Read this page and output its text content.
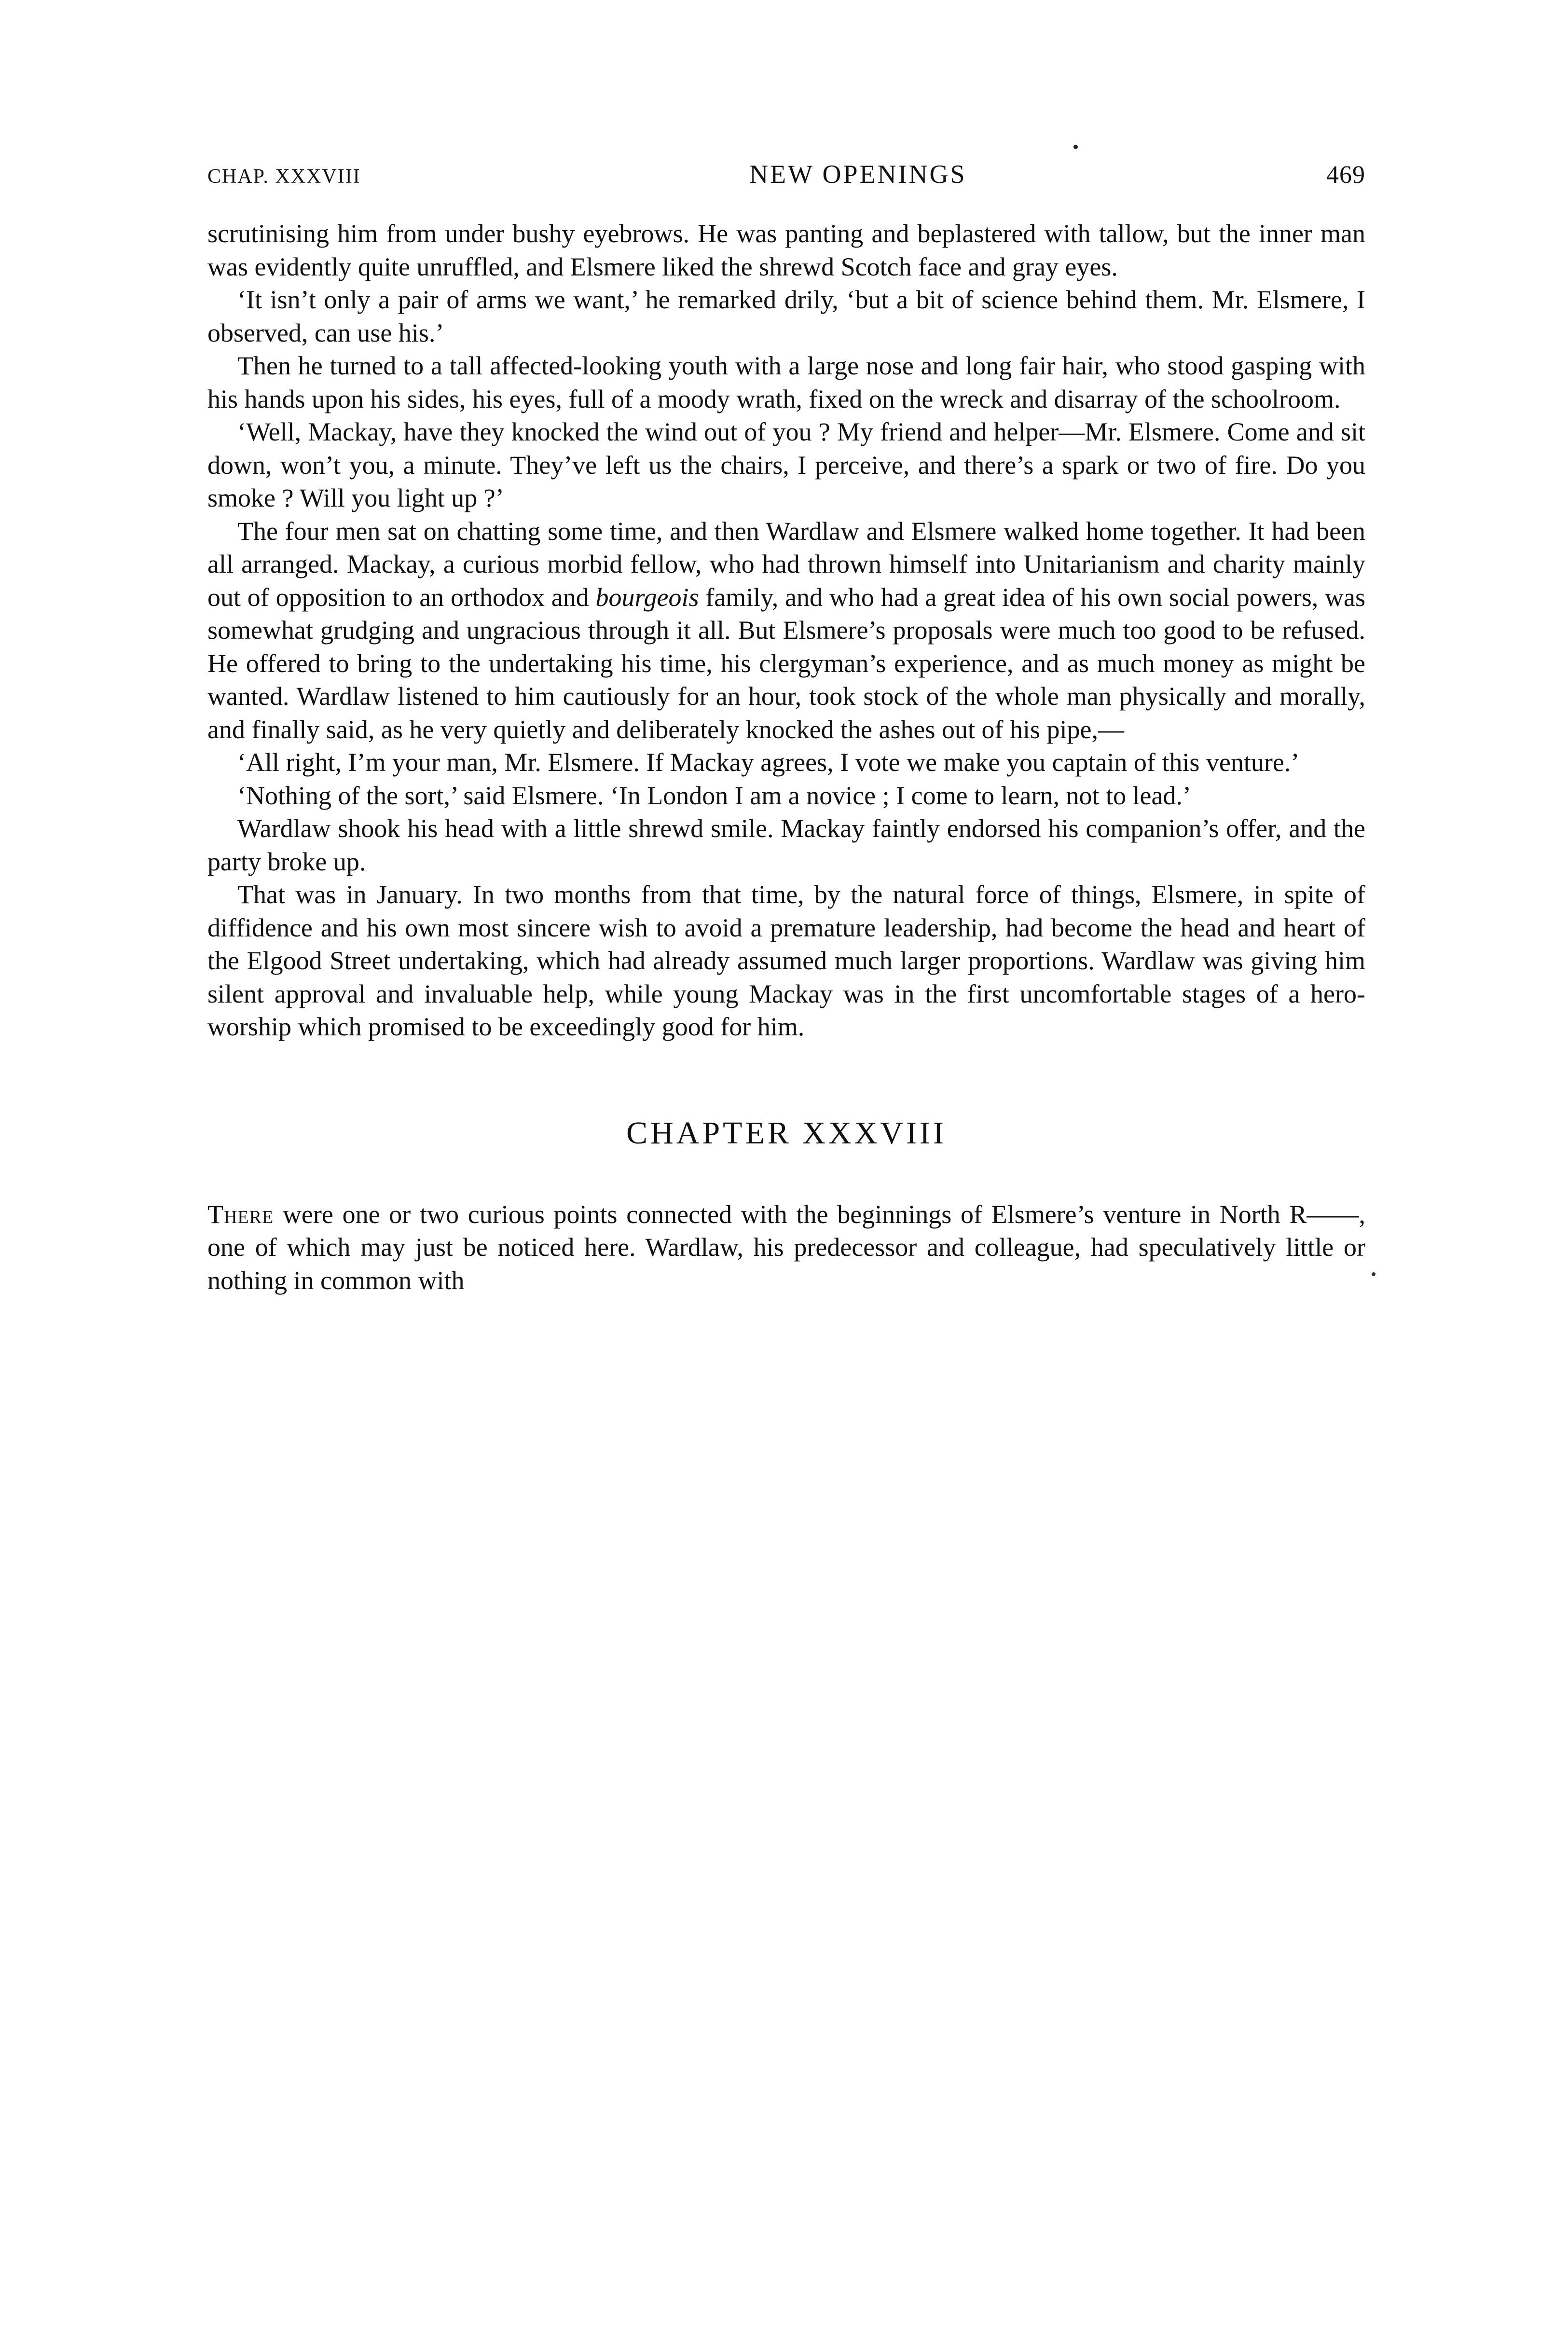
CHAP. XXXVIII	NEW OPENINGS	469

scrutinising him from under bushy eyebrows. He was panting and beplastered with tallow, but the inner man was evidently quite unruffled, and Elsmere liked the shrewd Scotch face and gray eyes.

‘It isn’t only a pair of arms we want,’ he remarked drily, ‘but a bit of science behind them. Mr. Elsmere, I observed, can use his.’

Then he turned to a tall affected-looking youth with a large nose and long fair hair, who stood gasping with his hands upon his sides, his eyes, full of a moody wrath, fixed on the wreck and disarray of the schoolroom.

‘Well, Mackay, have they knocked the wind out of you ? My friend and helper—Mr. Elsmere. Come and sit down, won’t you, a minute. They’ve left us the chairs, I perceive, and there’s a spark or two of fire. Do you smoke ? Will you light up ?’

The four men sat on chatting some time, and then Wardlaw and Elsmere walked home together. It had been all arranged. Mackay, a curious morbid fellow, who had thrown himself into Unitarianism and charity mainly out of opposition to an orthodox and bourgeois family, and who had a great idea of his own social powers, was somewhat grudging and ungracious through it all. But Elsmere’s proposals were much too good to be refused. He offered to bring to the undertaking his time, his clergyman’s experience, and as much money as might be wanted. Wardlaw listened to him cautiously for an hour, took stock of the whole man physically and morally, and finally said, as he very quietly and deliberately knocked the ashes out of his pipe,—

‘All right, I’m your man, Mr. Elsmere. If Mackay agrees, I vote we make you captain of this venture.’

‘Nothing of the sort,’ said Elsmere. ‘In London I am a novice ; I come to learn, not to lead.’

Wardlaw shook his head with a little shrewd smile. Mackay faintly endorsed his companion’s offer, and the party broke up.

That was in January. In two months from that time, by the natural force of things, Elsmere, in spite of diffidence and his own most sincere wish to avoid a premature leadership, had become the head and heart of the Elgood Street undertaking, which had already assumed much larger proportions. Wardlaw was giving him silent approval and invaluable help, while young Mackay was in the first uncomfortable stages of a hero-worship which promised to be exceedingly good for him.

CHAPTER XXXVIII

There were one or two curious points connected with the beginnings of Elsmere’s venture in North R——, one of which may just be noticed here. Wardlaw, his predecessor and colleague, had speculatively little or nothing in common with
